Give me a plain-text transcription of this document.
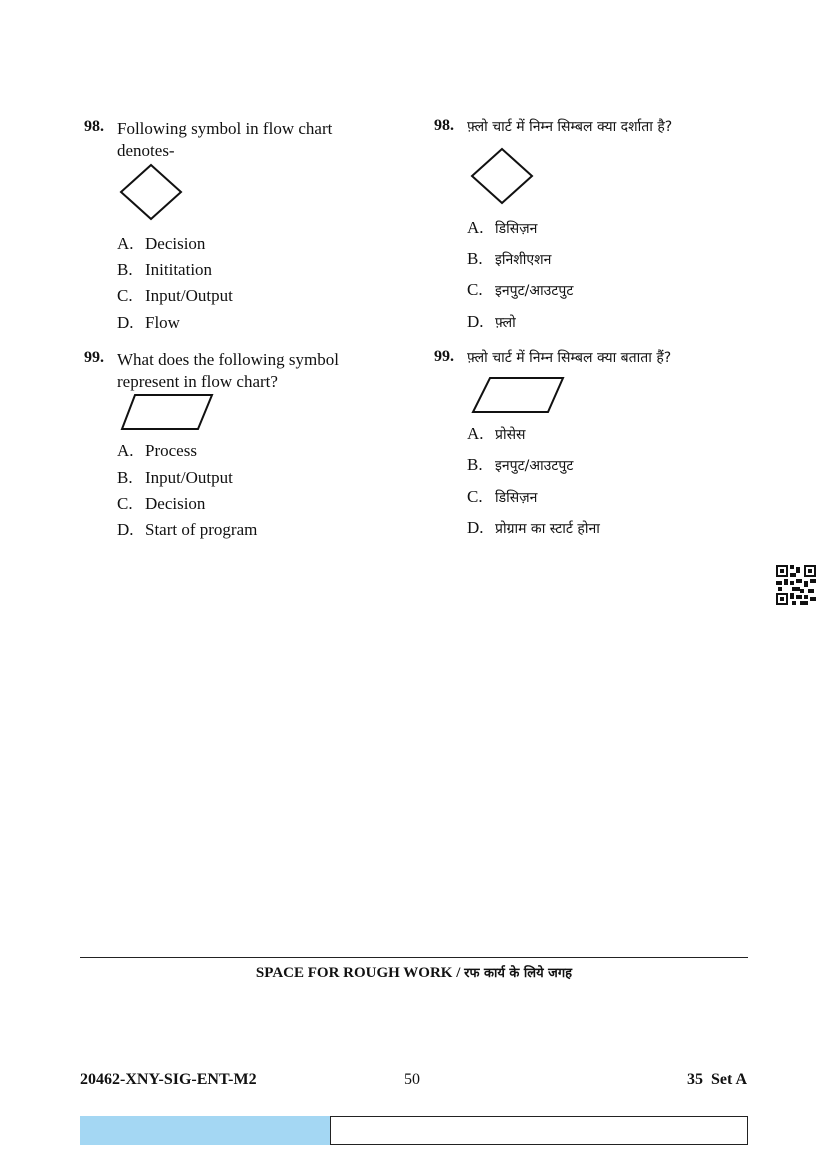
98. Following symbol in flow chart
denotes-
A. Decision
B. Inititation
C. Input/Output
D. Flow
99. What does the following symbol
represent in flow chart?
A. Process
B. Input/Output
C. Decision
D. Start of program
98. फ़्लो चार्ट में निम्न सिम्बल क्या दर्शाता है?
A. डिसिज़न
B. इनिशीएशन
C. इनपुट/आउटपुट
D. फ़्लो
99. फ़्लो चार्ट में निम्न सिम्बल क्या बताता हैं?
A. प्रोसेस
B. इनपुट/आउटपुट
C. डिसिज़न
D. प्रोग्राम का स्टार्ट होना
SPACE FOR ROUGH WORK / रफ कार्य के लिये जगह
20462-XNY-SIG-ENT-M2	50	35  Set A
